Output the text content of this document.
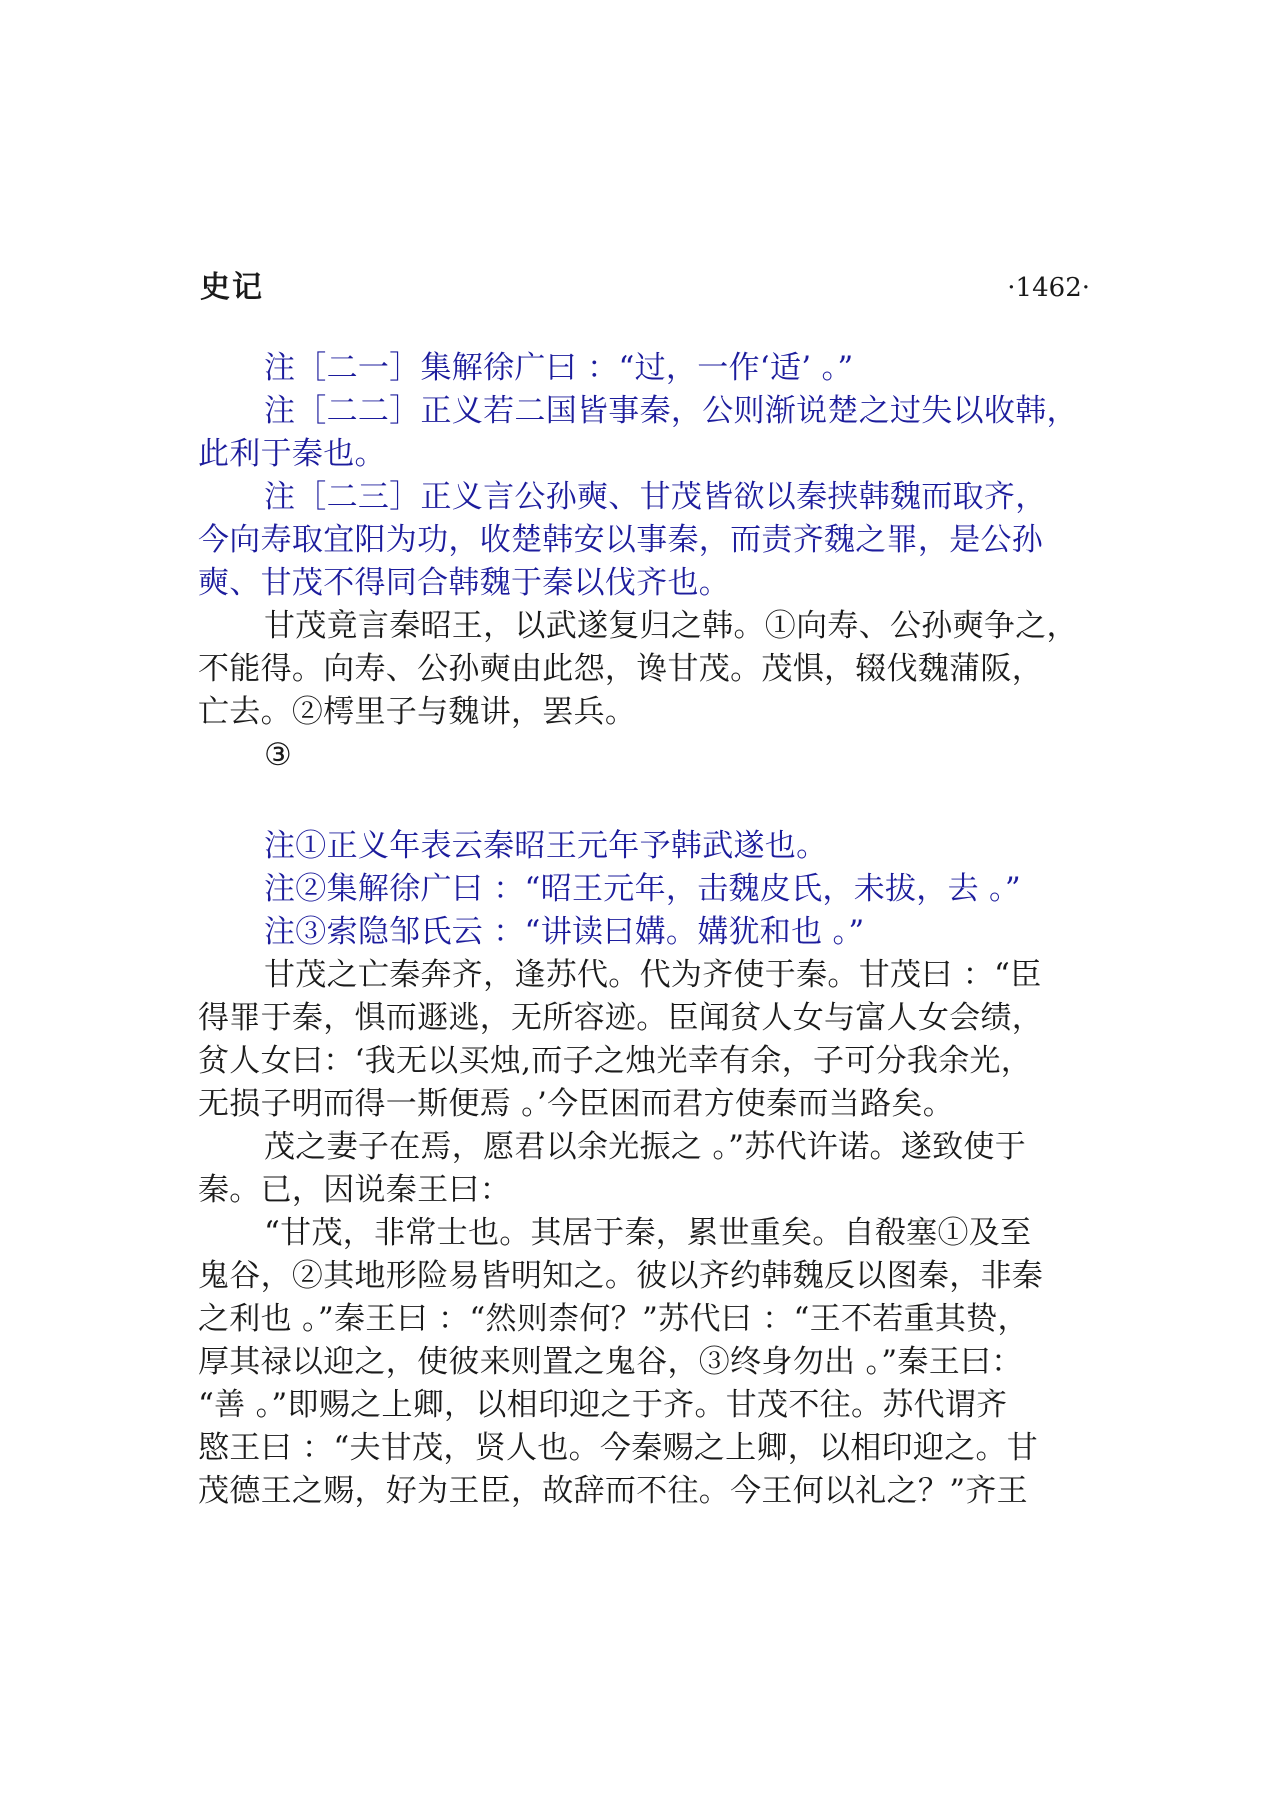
史记	·1462·
注［二一］集解徐广曰 ：“过，一作‘适’ 。”
注［二二］正义若二国皆事秦，公则渐说楚之过失以收韩，
此利于秦也。
注［二三］正义言公孙奭、甘茂皆欲以秦挟韩魏而取齐，
今向寿取宜阳为功，收楚韩安以事秦，而责齐魏之罪，是公孙
奭、甘茂不得同合韩魏于秦以伐齐也。
甘茂竟言秦昭王，以武遂复归之韩。①向寿、公孙奭争之，
不能得。向寿、公孙奭由此怨，谗甘茂。茂惧，辍伐魏蒲阪，
亡去。②樗里子与魏讲，罢兵。
③
注①正义年表云秦昭王元年予韩武遂也。
注②集解徐广曰 ：“昭王元年，击魏皮氏，未拔，去 。”
注③索隐邹氏云 ：“讲读曰媾。媾犹和也 。”
甘茂之亡秦奔齐，逢苏代。代为齐使于秦。甘茂曰 ：“臣
得罪于秦，惧而遯逃，无所容迹。臣闻贫人女与富人女会绩，
贫人女曰：‘我无以买烛,而子之烛光幸有余，子可分我余光，
无损子明而得一斯便焉 。’今臣困而君方使秦而当路矣。
茂之妻子在焉，愿君以余光振之 。”苏代许诺。遂致使于
秦。已，因说秦王曰：
“甘茂，非常士也。其居于秦，累世重矣。自殽塞①及至
鬼谷，②其地形险易皆明知之。彼以齐约韩魏反以图秦，非秦
之利也 。”秦王曰 ：“然则柰何？”苏代曰 ：“王不若重其贽，
厚其禄以迎之，使彼来则置之鬼谷，③终身勿出 。”秦王曰：
“善 。”即赐之上卿，以相印迎之于齐。甘茂不往。苏代谓齐
愍王曰 ：“夫甘茂，贤人也。今秦赐之上卿，以相印迎之。甘
茂德王之赐，好为王臣，故辞而不往。今王何以礼之？”齐王
